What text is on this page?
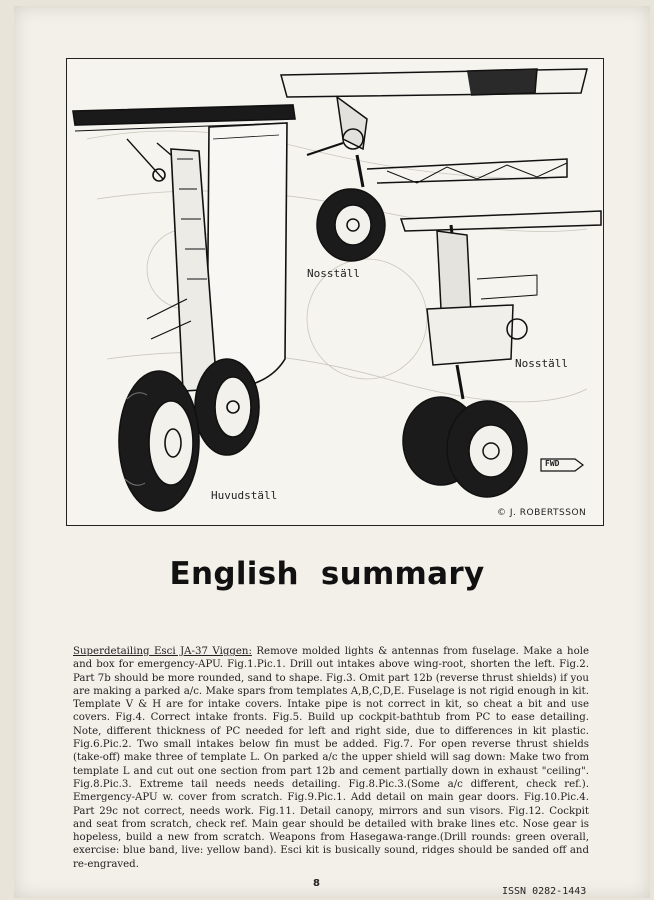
Nosställ
Nosställ
Huvudställ
FWD
© J. ROBERTSSON
English summary
Superdetailing Esci JA-37 Viggen: Remove molded lights & antennas from fuselage. Make a hole and box for emergency-APU. Fig.1.Pic.1. Drill out intakes above wing-root, shorten the left. Fig.2. Part 7b should be more rounded, sand to shape. Fig.3. Omit part 12b (reverse thrust shields) if you are making a parked a/c. Make spars from templates A,B,C,D,E. Fuselage is not rigid enough in kit. Template V & H are for intake covers. Intake pipe is not correct in kit, so cheat a bit and use covers. Fig.4. Correct intake fronts. Fig.5. Build up cockpit-bathtub from PC to ease detailing. Note, different thickness of PC needed for left and right side, due to differences in kit plastic. Fig.6.Pic.2. Two small intakes below fin must be added. Fig.7. For open reverse thrust shields (take-off) make three of template L. On parked a/c the upper shield will sag down: Make two from template L and cut out one section from part 12b and cement partially down in exhaust "ceiling". Fig.8.Pic.3. Extreme tail needs needs detailing. Fig.8.Pic.3.(Some a/c different, check ref.). Emergency-APU w. cover from scratch. Fig.9.Pic.1. Add detail on main gear doors. Fig.10.Pic.4. Part 29c not correct, needs work. Fig.11. Detail canopy, mirrors and sun visors. Fig.12. Cockpit and seat from scratch, check ref. Main gear should be detailed with brake lines etc. Nose gear is hopeless, build a new from scratch. Weapons from Hasegawa-range.(Drill rounds: green overall, exercise: blue band, live: yellow band). Esci kit is busically sound, ridges should be sanded off and re-engraved.
8
ISSN 0282-1443
